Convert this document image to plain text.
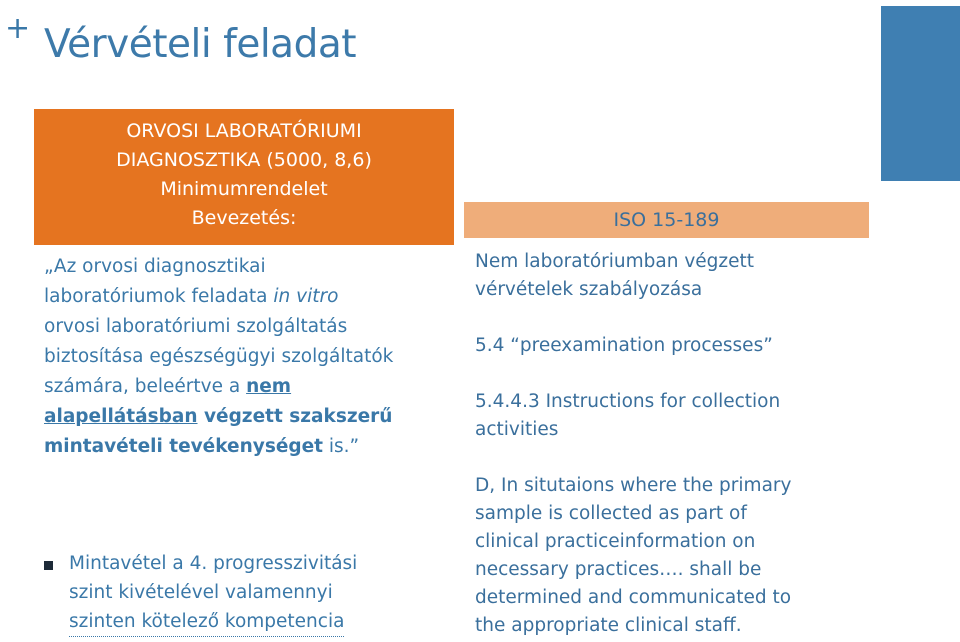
+ Vérvételi feladat
ORVOSI LABORATÓRIUMI
DIAGNOSZTIKA (5000, 8,6)
Minimumrendelet
Bevezetés:
„Az orvosi diagnosztikai
laboratóriumok feladata in vitro
orvosi laboratóriumi szolgáltatás
biztosítása egészségügyi szolgáltatók
számára, beleértve a nem
alapellátásban végzett szakszerű
mintavételi tevékenységet is.”
Mintavétel a 4. progresszivitási
szint kivételével valamennyi
szinten kötelező kompetencia
ISO 15-189
Nem laboratóriumban végzett
vérvételek szabályozása
5.4 “preexamination processes”
5.4.4.3 Instructions for collection
activities
D, In situtaions where the primary
sample is collected as part of
clinical practiceinformation on
necessary practices…. shall be
determined and communicated to
the appropriate clinical staff.
